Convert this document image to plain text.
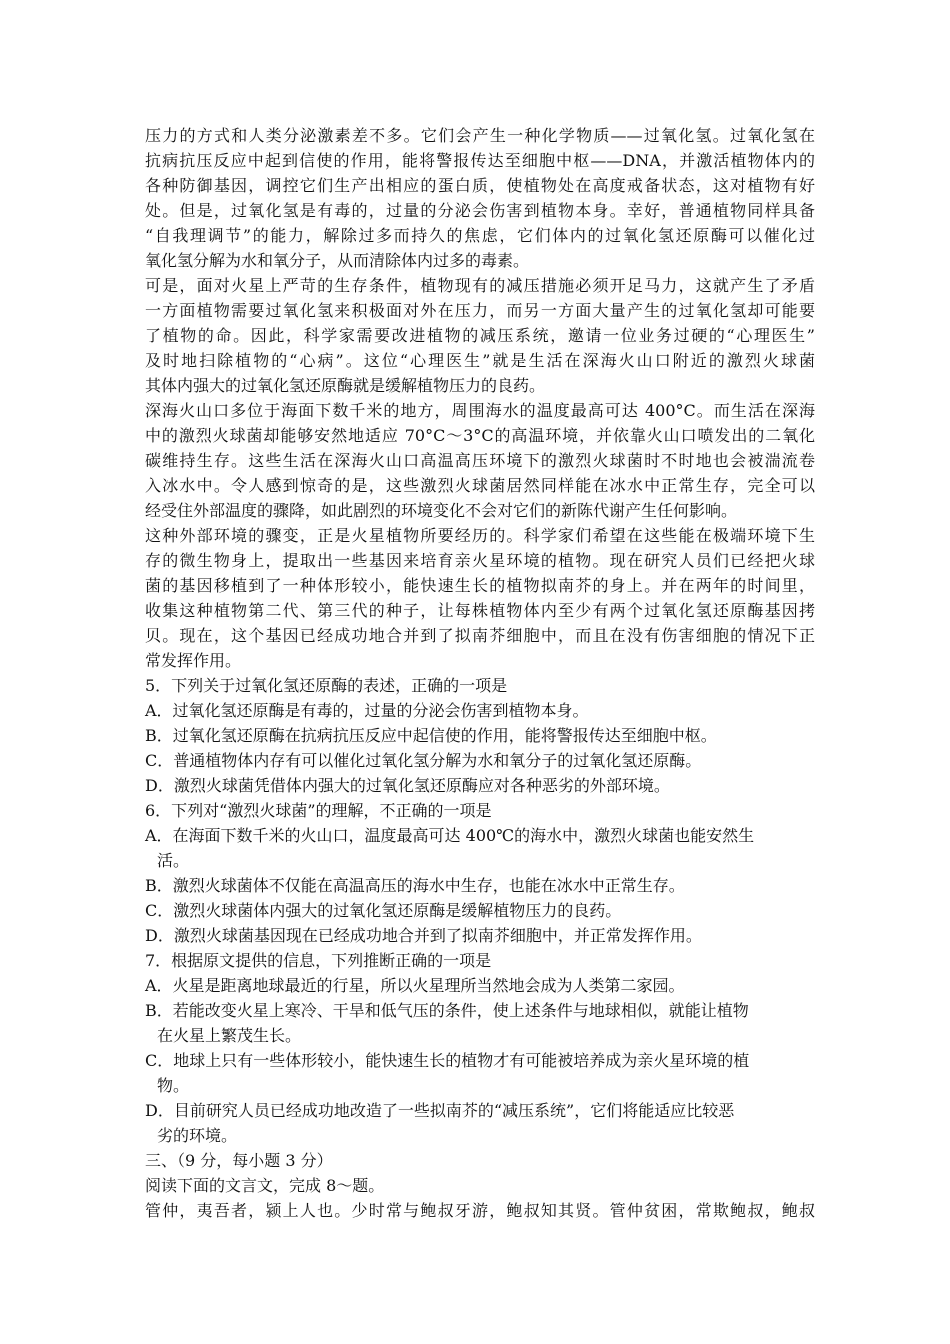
压力的方式和人类分泌激素差不多。它们会产生一种化学物质——过氧化氢。过氧化氢在
抗病抗压反应中起到信使的作用，能将警报传达至细胞中枢——DNA，并激活植物体内的
各种防御基因，调控它们生产出相应的蛋白质，使植物处在高度戒备状态，这对植物有好
处。但是，过氧化氢是有毒的，过量的分泌会伤害到植物本身。幸好，普通植物同样具备
“自我理调节”的能力，解除过多而持久的焦虑，它们体内的过氧化氢还原酶可以催化过
氧化氢分解为水和氧分子，从而清除体内过多的毒素。
可是，面对火星上严苛的生存条件，植物现有的减压措施必须开足马力，这就产生了矛盾
一方面植物需要过氧化氢来积极面对外在压力，而另一方面大量产生的过氧化氢却可能要
了植物的命。因此，科学家需要改进植物的减压系统，邀请一位业务过硬的“心理医生”
及时地扫除植物的“心病”。这位“心理医生”就是生活在深海火山口附近的激烈火球菌
其体内强大的过氧化氢还原酶就是缓解植物压力的良药。
深海火山口多位于海面下数千米的地方，周围海水的温度最高可达 400°C。而生活在深海
中的激烈火球菌却能够安然地适应 70°C～3°C的高温环境，并依靠火山口喷发出的二氧化
碳维持生存。这些生活在深海火山口高温高压环境下的激烈火球菌时不时地也会被湍流卷
入冰水中。令人感到惊奇的是，这些激烈火球菌居然同样能在冰水中正常生存，完全可以
经受住外部温度的骤降，如此剧烈的环境变化不会对它们的新陈代谢产生任何影响。
这种外部环境的骤变，正是火星植物所要经历的。科学家们希望在这些能在极端环境下生
存的微生物身上，提取出一些基因来培育亲火星环境的植物。现在研究人员们已经把火球
菌的基因移植到了一种体形较小，能快速生长的植物拟南芥的身上。并在两年的时间里，
收集这种植物第二代、第三代的种子，让每株植物体内至少有两个过氧化氢还原酶基因拷
贝。现在，这个基因已经成功地合并到了拟南芥细胞中，而且在没有伤害细胞的情况下正
常发挥作用。
5．下列关于过氧化氢还原酶的表述，正确的一项是
A．过氧化氢还原酶是有毒的，过量的分泌会伤害到植物本身。
B．过氧化氢还原酶在抗病抗压反应中起信使的作用，能将警报传达至细胞中枢。
C．普通植物体内存有可以催化过氧化氢分解为水和氧分子的过氧化氢还原酶。
D．激烈火球菌凭借体内强大的过氧化氢还原酶应对各种恶劣的外部环境。
6．下列对“激烈火球菌”的理解，不正确的一项是
A．在海面下数千米的火山口，温度最高可达 400℃的海水中，激烈火球菌也能安然生
活。
B．激烈火球菌体不仅能在高温高压的海水中生存，也能在冰水中正常生存。
C．激烈火球菌体内强大的过氧化氢还原酶是缓解植物压力的良药。
D．激烈火球菌基因现在已经成功地合并到了拟南芥细胞中，并正常发挥作用。
7．根据原文提供的信息，下列推断正确的一项是
A．火星是距离地球最近的行星，所以火星理所当然地会成为人类第二家园。
B．若能改变火星上寒冷、干旱和低气压的条件，使上述条件与地球相似，就能让植物
在火星上繁茂生长。
C．地球上只有一些体形较小，能快速生长的植物才有可能被培养成为亲火星环境的植
物。
D．目前研究人员已经成功地改造了一些拟南芥的“减压系统”，它们将能适应比较恶
劣的环境。
三、（9 分，每小题 3 分）
阅读下面的文言文，完成 8～题。
管仲，夷吾者，颍上人也。少时常与鲍叔牙游，鲍叔知其贤。管仲贫困，常欺鲍叔，鲍叔
